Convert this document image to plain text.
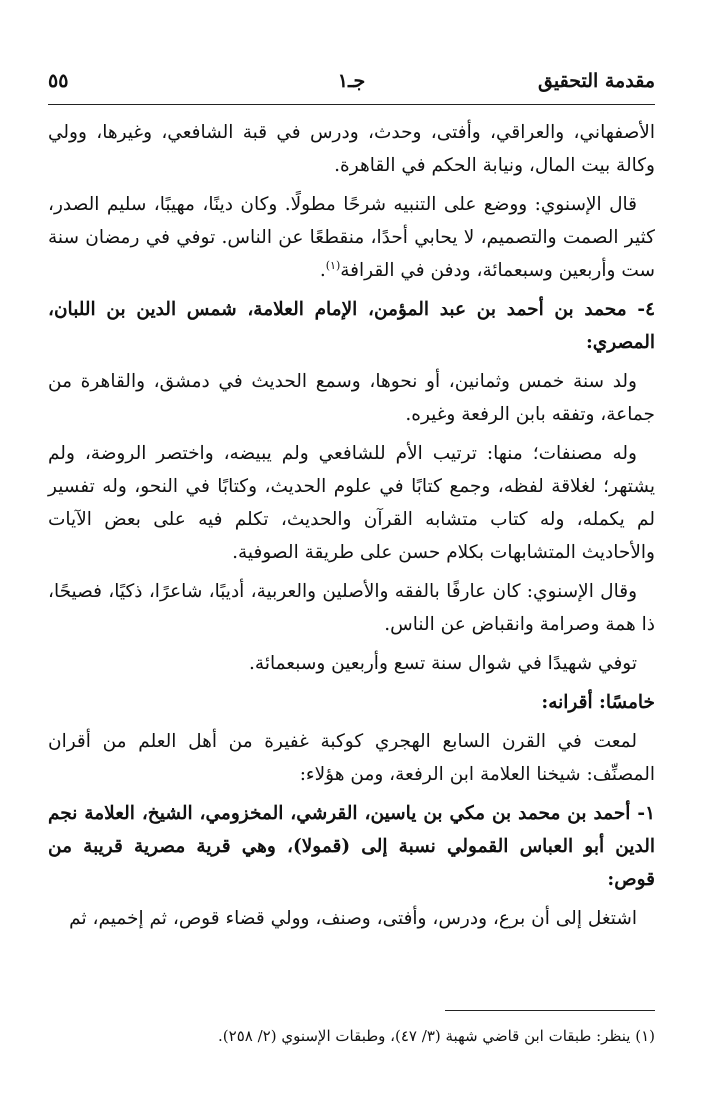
مقدمة التحقيق
جـ١
٥٥

الأصفهاني، والعراقي، وأفتى، وحدث، ودرس في قبة الشافعي، وغيرها، وولي وكالة بيت المال، ونيابة الحكم في القاهرة.

قال الإسنوي: ووضع على التنبيه شرحًا مطولًا. وكان دينًا، مهيبًا، سليم الصدر، كثير الصمت والتصميم، لا يحابي أحدًا، منقطعًا عن الناس. توفي في رمضان سنة ست وأربعين وسبعمائة، ودفن في القرافة$^{(١)}$.

٤- محمد بن أحمد بن عبد المؤمن، الإمام العلامة، شمس الدين بن اللبان، المصري:

ولد سنة خمس وثمانين، أو نحوها، وسمع الحديث في دمشق، والقاهرة من جماعة، وتفقه بابن الرفعة وغيره.

وله مصنفات؛ منها: ترتيب الأم للشافعي ولم يبيضه، واختصر الروضة، ولم يشتهر؛ لغلاقة لفظه، وجمع كتابًا في علوم الحديث، وكتابًا في النحو، وله تفسير لم يكمله، وله كتاب متشابه القرآن والحديث، تكلم فيه على بعض الآيات والأحاديث المتشابهات بكلام حسن على طريقة الصوفية.

وقال الإسنوي: كان عارفًا بالفقه والأصلين والعربية، أديبًا، شاعرًا، ذكيًا، فصيحًا، ذا همة وصرامة وانقباض عن الناس.

توفي شهيدًا في شوال سنة تسع وأربعين وسبعمائة.

خامسًا: أقرانه:

لمعت في القرن السابع الهجري كوكبة غفيرة من أهل العلم من أقران المصنِّف: شيخنا العلامة ابن الرفعة، ومن هؤلاء:

١- أحمد بن محمد بن مكي بن ياسين، القرشي، المخزومي، الشيخ، العلامة نجم الدين أبو العباس القمولي نسبة إلى (قمولا)، وهي قرية مصرية قريبة من قوص:

اشتغل إلى أن برع، ودرس، وأفتى، وصنف، وولي قضاء قوص، ثم إخميم، ثم

(١) ينظر: طبقات ابن قاضي شهبة (٣/ ٤٧)، وطبقات الإسنوي (٢/ ٢٥٨).
